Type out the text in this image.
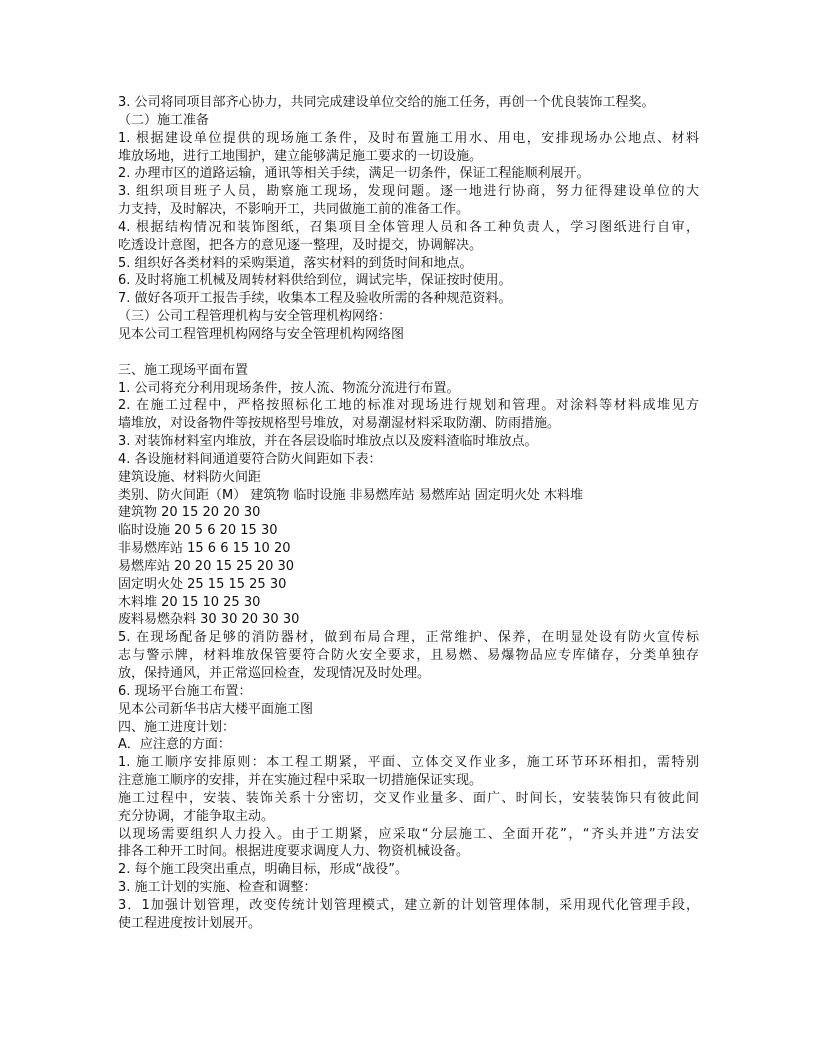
3. 公司将同项目部齐心协力，共同完成建设单位交给的施工任务，再创一个优良装饰工程奖。
（二）施工准备
1. 根据建设单位提供的现场施工条件，及时布置施工用水、用电，安排现场办公地点、材料
堆放场地，进行工地围护，建立能够满足施工要求的一切设施。
2. 办理市区的道路运输，通讯等相关手续，满足一切条件，保证工程能顺利展开。
3. 组织项目班子人员，勘察施工现场，发现问题。逐一地进行协商，努力征得建设单位的大
力支持，及时解决，不影响开工，共同做施工前的准备工作。
4. 根据结构情况和装饰图纸，召集项目全体管理人员和各工种负责人，学习图纸进行自审，
吃透设计意图，把各方的意见逐一整理，及时提交，协调解决。
5. 组织好各类材料的采购渠道，落实材料的到货时间和地点。
6. 及时将施工机械及周转材料供给到位，调试完毕，保证按时使用。
7. 做好各项开工报告手续，收集本工程及验收所需的各种规范资料。
（三）公司工程管理机构与安全管理机构网络：
见本公司工程管理机构网络与安全管理机构网络图
三、施工现场平面布置
1. 公司将充分利用现场条件，按人流、物流分流进行布置。
2. 在施工过程中，严格按照标化工地的标准对现场进行规划和管理。对涂料等材料成堆见方
墙堆放，对设备物件等按规格型号堆放，对易潮湿材料采取防潮、防雨措施。
3. 对装饰材料室内堆放，并在各层设临时堆放点以及废料渣临时堆放点。
4. 各设施材料间通道要符合防火间距如下表：
建筑设施、材料防火间距
类别、防火间距（M） 建筑物 临时设施 非易燃库站 易燃库站 固定明火处 木料堆
建筑物 20 15 20 20 30
临时设施 20 5 6 20 15 30
非易燃库站 15 6 6 15 10 20
易燃库站 20 20 15 25 20 30
固定明火处 25 15 15 25 30
木料堆 20 15 10 25 30
废料易燃杂料 30 30 20 30 30
5. 在现场配备足够的消防器材，做到布局合理，正常维护、保养，在明显处设有防火宣传标
志与警示牌，材料堆放保管要符合防火安全要求，且易燃、易爆物品应专库储存，分类单独存
放，保持通风，并正常巡回检查，发现情况及时处理。
6. 现场平台施工布置：
见本公司新华书店大楼平面施工图
四、施工进度计划：
A．应注意的方面：
1. 施工顺序安排原则：本工程工期紧，平面、立体交叉作业多，施工环节环环相扣，需特别
注意施工顺序的安排，并在实施过程中采取一切措施保证实现。
施工过程中，安装、装饰关系十分密切，交叉作业量多、面广、时间长，安装装饰只有彼此间
充分协调，才能争取主动。
以现场需要组织人力投入。由于工期紧，应采取“分层施工、全面开花”，“齐头并进”方法安
排各工种开工时间。根据进度要求调度人力、物资机械设备。
2. 每个施工段突出重点，明确目标，形成“战役”。
3. 施工计划的实施、检查和调整：
3．1加强计划管理，改变传统计划管理模式，建立新的计划管理体制，采用现代化管理手段，
使工程进度按计划展开。
